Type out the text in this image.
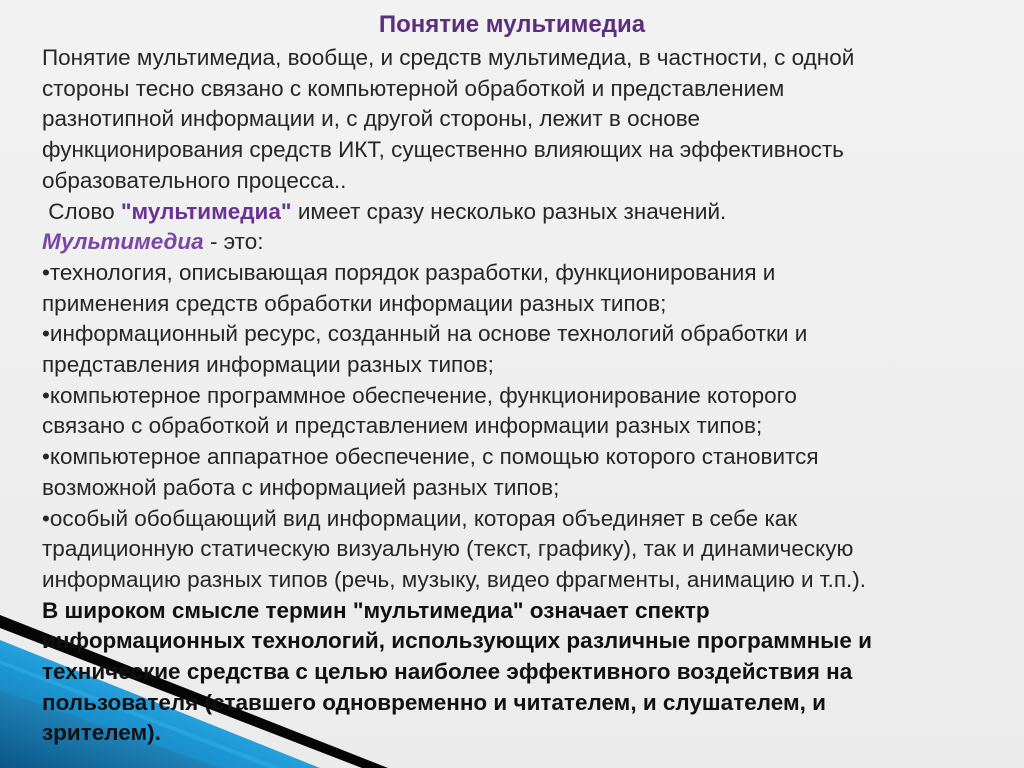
Понятие мультимедиа
Понятие мультимедиа, вообще, и средств мультимедиа, в частности, с одной
стороны тесно связано с компьютерной обработкой и представлением
разнотипной информации и, с другой стороны, лежит в основе
функционирования средств ИКТ, существенно влияющих на эффективность
образовательного процесса..
Слово "мультимедиа" имеет сразу несколько разных значений.
Мультимедиа - это:
•технология, описывающая порядок разработки, функционирования и
применения средств обработки информации разных типов;
•информационный ресурс, созданный на основе технологий обработки и
представления информации разных типов;
•компьютерное программное обеспечение, функционирование которого
связано с обработкой и представлением информации разных типов;
•компьютерное аппаратное обеспечение, с помощью которого становится
возможной работа с информацией разных типов;
•особый обобщающий вид информации, которая объединяет в себе как
традиционную статическую визуальную (текст, графику), так и динамическую
информацию разных типов (речь, музыку, видео фрагменты, анимацию и т.п.).
В широком смысле термин "мультимедиа" означает спектр
информационных технологий, использующих различные программные и
технические средства с целью наиболее эффективного воздействия на
пользователя (ставшего одновременно и читателем, и слушателем, и
зрителем).
